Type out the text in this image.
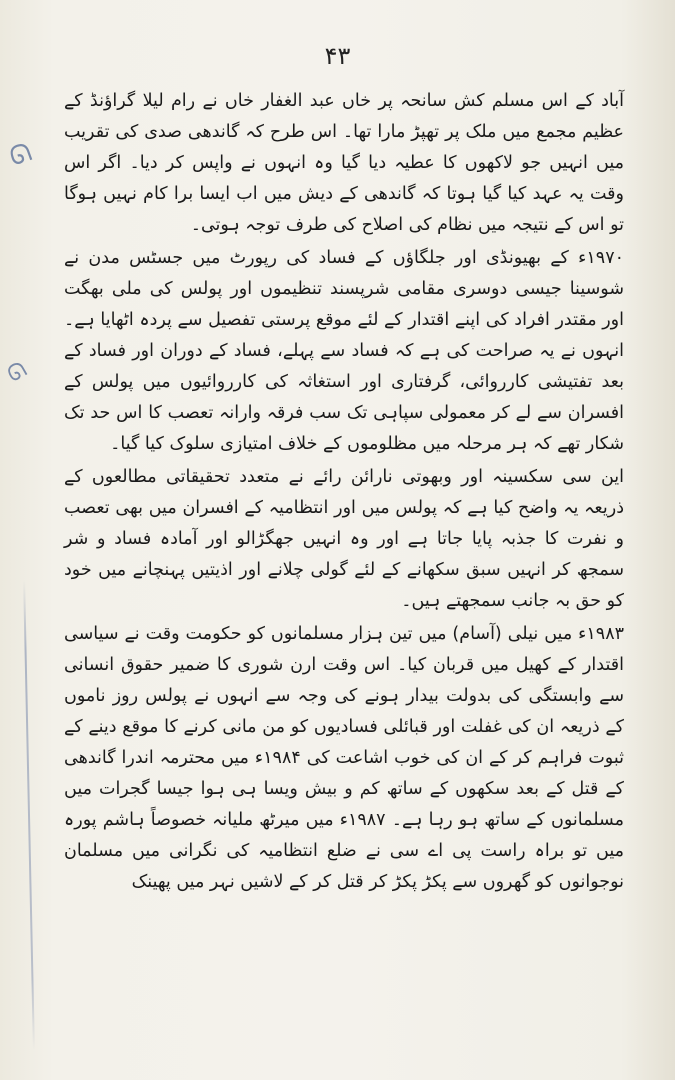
۴۳
ᘏ
ᘏ

آباد کے اس مسلم کش سانحہ پر خاں عبد الغفار خاں نے رام لیلا گراؤنڈ کے عظیم مجمع میں ملک پر تھپڑ مارا تھا۔ اس طرح کہ گاندھی صدی کی تقریب میں انہیں جو لاکھوں کا عطیہ دیا گیا وہ انہوں نے واپس کر دیا۔ اگر اس وقت یہ عہد کیا گیا ہوتا کہ گاندھی کے دیش میں اب ایسا برا کام نہیں ہوگا تو اس کے نتیجہ میں نظام کی اصلاح کی طرف توجہ ہوتی۔

۱۹۷۰ء کے بھیونڈی اور جلگاؤں کے فساد کی رپورٹ میں جسٹس مدن نے شوسینا جیسی دوسری مقامی شرپسند تنظیموں اور پولس کی ملی بھگت اور مقتدر افراد کی اپنے اقتدار کے لئے موقع پرستی تفصیل سے پردہ اٹھایا ہے۔ انہوں نے یہ صراحت کی ہے کہ فساد سے پہلے، فساد کے دوران اور فساد کے بعد تفتیشی کارروائی، گرفتاری اور استغاثہ کی کارروائیوں میں پولس کے افسران سے لے کر معمولی سپاہی تک سب فرقہ وارانہ تعصب کا اس حد تک شکار تھے کہ ہر مرحلہ میں مظلوموں کے خلاف امتیازی سلوک کیا گیا۔

این سی سکسینہ اور وبھوتی نارائن رائے نے متعدد تحقیقاتی مطالعوں کے ذریعہ یہ واضح کیا ہے کہ پولس میں اور انتظامیہ کے افسران میں بھی تعصب و نفرت کا جذبہ پایا جاتا ہے اور وہ انہیں جھگڑالو اور آمادہ فساد و شر سمجھ کر انہیں سبق سکھانے کے لئے گولی چلانے اور اذیتیں پہنچانے میں خود کو حق بہ جانب سمجھتے ہیں۔

۱۹۸۳ء میں نیلی (آسام) میں تین ہزار مسلمانوں کو حکومت وقت نے سیاسی اقتدار کے کھیل میں قربان کیا۔ اس وقت ارن شوری کا ضمیر حقوق انسانی سے وابستگی کی بدولت بیدار ہونے کی وجہ سے انہوں نے پولس روز ناموں کے ذریعہ ان کی غفلت اور قبائلی فسادیوں کو من مانی کرنے کا موقع دینے کے ثبوت فراہم کر کے ان کی خوب اشاعت کی ۱۹۸۴ء میں محترمہ اندرا گاندھی کے قتل کے بعد سکھوں کے ساتھ کم و بیش ویسا ہی ہوا جیسا گجرات میں مسلمانوں کے ساتھ ہو رہا ہے۔ ۱۹۸۷ء میں میرٹھ ملیانہ خصوصاً ہاشم پورہ میں تو براہ راست پی اے سی نے ضلع انتظامیہ کی نگرانی میں مسلمان نوجوانوں کو گھروں سے پکڑ پکڑ کر قتل کر کے لاشیں نہر میں پھینک
